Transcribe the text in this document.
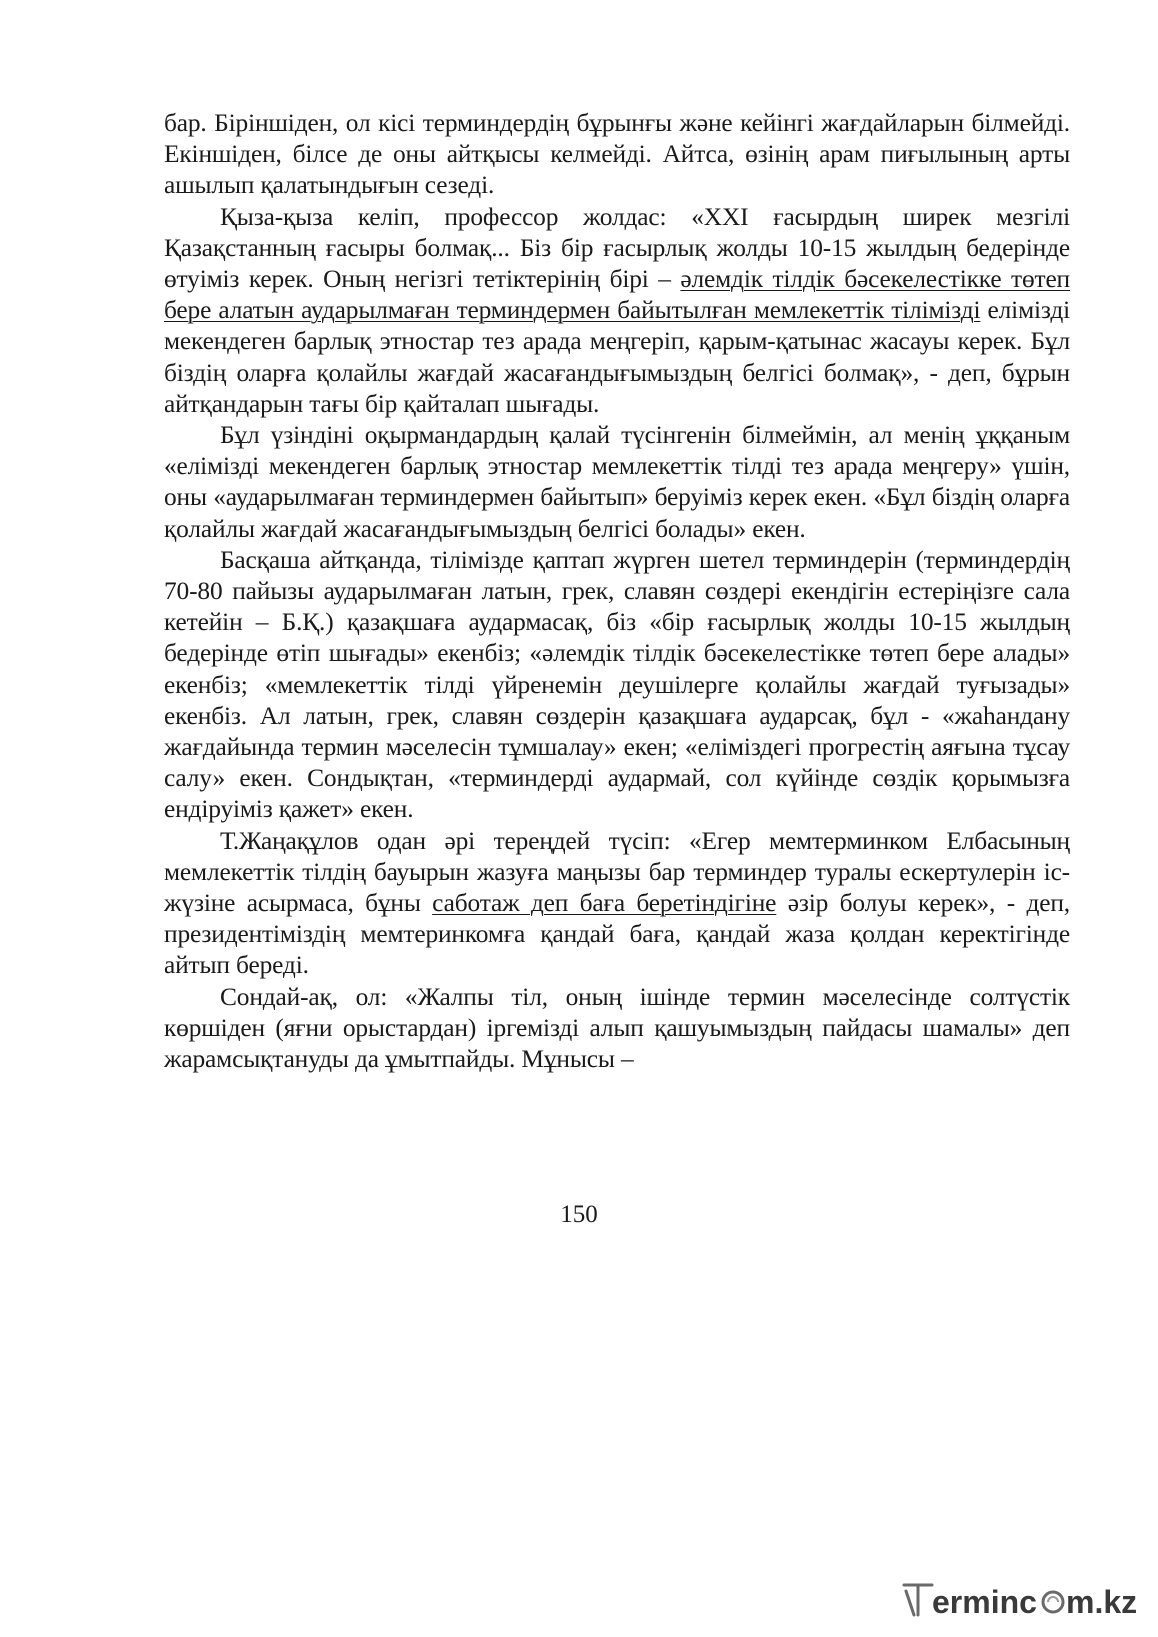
бар. Біріншіден, ол кісі терминдердің бұрынғы және кейінгі жағдайларын білмейді. Екіншіден, білсе де оны айтқысы келмейді. Айтса, өзінің арам пиғылының арты ашылып қалатындығын сезеді.

Қыза-қыза келіп, профессор жолдас: «XXI ғасырдың ширек мезгілі Қазақстанның ғасыры болмақ... Біз бір ғасырлық жолды 10-15 жылдың бедерінде өтуіміз керек. Оның негізгі тетіктерінің бірі – әлемдік тілдік бәсекелестікке төтеп бере алатын аударылмаған терминдермен байытылған мемлекеттік тілімізді елімізді мекендеген барлық этностар тез арада меңгеріп, қарым-қатынас жасауы керек. Бұл біздің оларға қолайлы жағдай жасағандығымыздың белгісі болмақ», - деп, бұрын айтқандарын тағы бір қайталап шығады.

Бұл үзіндіні оқырмандардың қалай түсінгенін білмеймін, ал менің ұққаным «елімізді мекендеген барлық этностар мемлекеттік тілді тез арада меңгеру» үшін, оны «аударылмаған терминдермен байытып» беруіміз керек екен. «Бұл біздің оларға қолайлы жағдай жасағандығымыздың белгісі болады» екен.

Басқаша айтқанда, тілімізде қаптап жүрген шетел терминдерін (терминдердің 70-80 пайызы аударылмаған латын, грек, славян сөздері екендігін естеріңізге сала кетейін – Б.Қ.) қазақшаға аудармасақ, біз «бір ғасырлық жолды 10-15 жылдың бедерінде өтіп шығады» екенбіз; «әлемдік тілдік бәсекелестікке төтеп бере алады» екенбіз; «мемлекеттік тілді үйренемін деушілерге қолайлы жағдай туғызады» екенбіз. Ал латын, грек, славян сөздерін қазақшаға аударсақ, бұл - «жаһандану жағдайында термин мәселесін тұмшалау» екен; «еліміздегі прогрестің аяғына тұсау салу» екен. Сондықтан, «терминдерді аудармай, сол күйінде сөздік қорымызға ендіруіміз қажет» екен.

Т.Жаңақұлов одан әрі тереңдей түсіп: «Егер мемтерминком Елбасының мемлекеттік тілдің бауырын жазуға маңызы бар терминдер туралы ескертулерін іс-жүзіне асырмаса, бұны саботаж деп баға беретіндігіне әзір болуы керек», - деп, президентіміздің мемтеринкомға қандай баға, қандай жаза қолдан керектігінде айтып береді.

Сондай-ақ, ол: «Жалпы тіл, оның ішінде термин мәселесінде солтүстік көршіден (яғни орыстардан) іргемізді алып қашуымыздың пайдасы шамалы» деп жарамсықтануды да ұмытпайды. Мұнысы –

150
erminc m.kz
